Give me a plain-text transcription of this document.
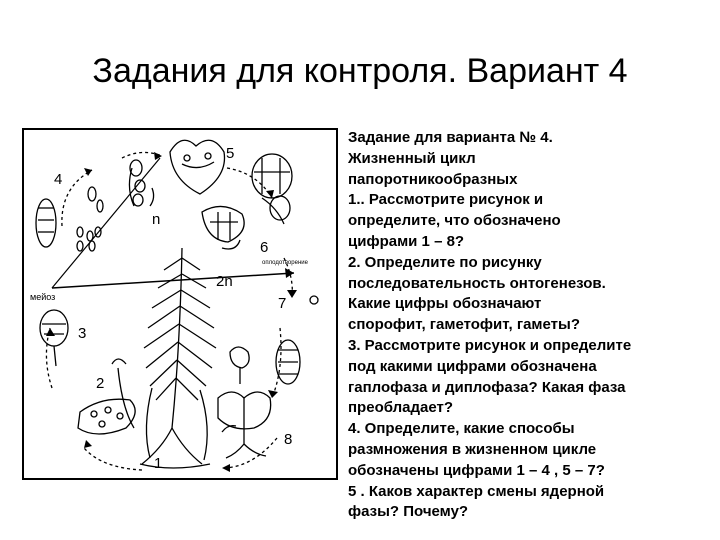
Задания для контроля. Вариант 4
1
2
3
4
5
6
7
8
n
2n
мейоз
оплодотворение
Задание для варианта № 4.
Жизненный цикл
папоротникообразных
1.. Рассмотрите рисунок и
определите, что обозначено
цифрами 1 – 8?
2. Определите по рисунку
последовательность онтогенезов.
Какие цифры обозначают
спорофит, гаметофит, гаметы?
3. Рассмотрите рисунок и определите
под какими цифрами обозначена
гаплофаза и диплофаза? Какая фаза
преобладает?
4. Определите, какие способы
размножения в жизненном цикле
обозначены цифрами 1 – 4 , 5 – 7?
5 . Каков характер смены ядерной
фазы? Почему?
